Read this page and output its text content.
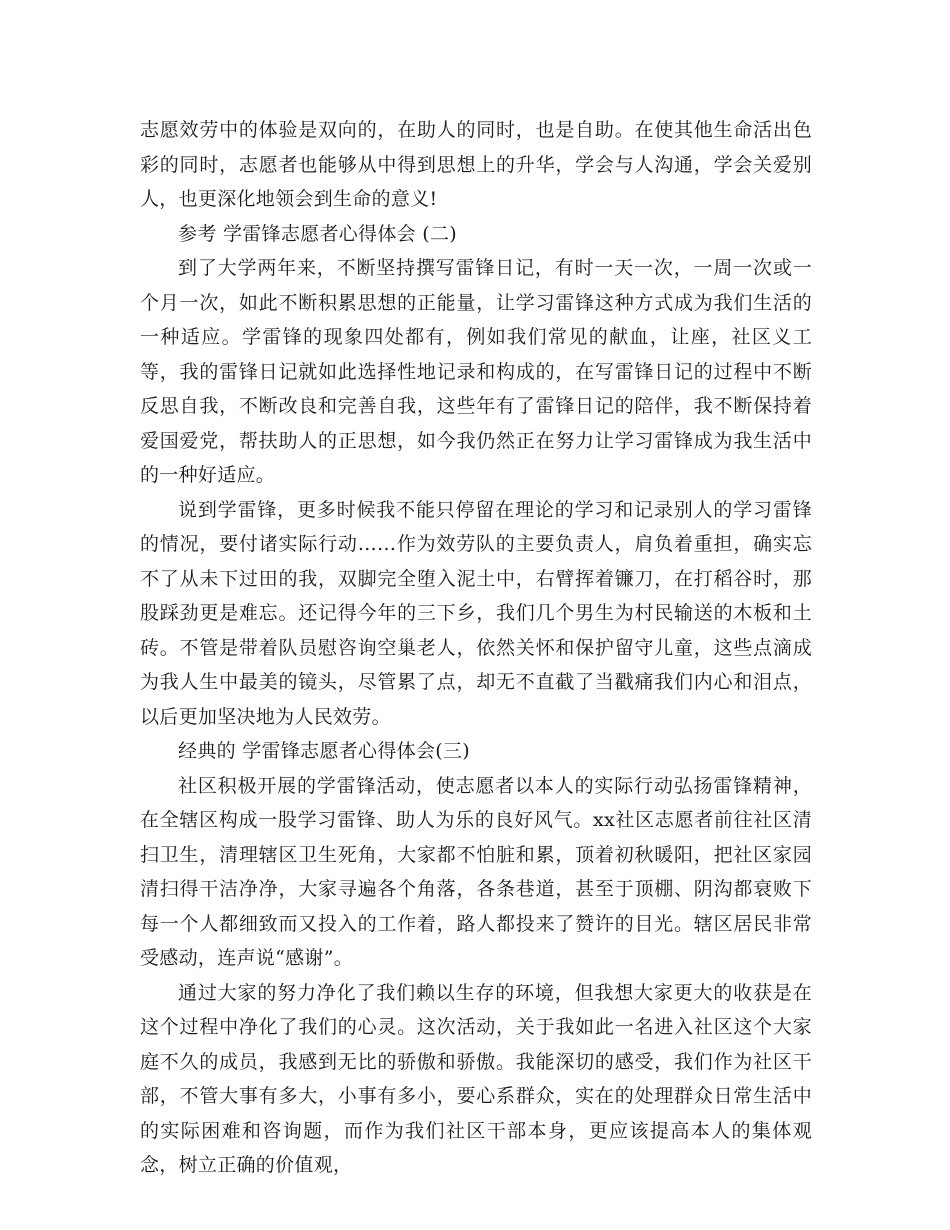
志愿效劳中的体验是双向的，在助人的同时，也是自助。在使其他生命活出色彩的同时，志愿者也能够从中得到思想上的升华，学会与人沟通，学会关爱别人，也更深化地领会到生命的意义!

参考 学雷锋志愿者心得体会 (二)

到了大学两年来，不断坚持撰写雷锋日记，有时一天一次，一周一次或一个月一次，如此不断积累思想的正能量，让学习雷锋这种方式成为我们生活的一种适应。学雷锋的现象四处都有，例如我们常见的献血，让座，社区义工等，我的雷锋日记就如此选择性地记录和构成的，在写雷锋日记的过程中不断反思自我，不断改良和完善自我，这些年有了雷锋日记的陪伴，我不断保持着爱国爱党，帮扶助人的正思想，如今我仍然正在努力让学习雷锋成为我生活中的一种好适应。

说到学雷锋，更多时候我不能只停留在理论的学习和记录别人的学习雷锋的情况，要付诸实际行动……作为效劳队的主要负责人，肩负着重担，确实忘不了从未下过田的我，双脚完全堕入泥土中，右臂挥着镰刀，在打稻谷时，那股踩劲更是难忘。还记得今年的三下乡，我们几个男生为村民输送的木板和土砖。不管是带着队员慰咨询空巢老人，依然关怀和保护留守儿童，这些点滴成为我人生中最美的镜头，尽管累了点，却无不直截了当戳痛我们内心和泪点，以后更加坚决地为人民效劳。

经典的 学雷锋志愿者心得体会(三)

社区积极开展的学雷锋活动，使志愿者以本人的实际行动弘扬雷锋精神，在全辖区构成一股学习雷锋、助人为乐的良好风气。xx社区志愿者前往社区清扫卫生，清理辖区卫生死角，大家都不怕脏和累，顶着初秋暖阳，把社区家园清扫得干洁净净，大家寻遍各个角落，各条巷道，甚至于顶棚、阴沟都衰败下每一个人都细致而又投入的工作着，路人都投来了赞许的目光。辖区居民非常受感动，连声说“感谢”。

通过大家的努力净化了我们赖以生存的环境，但我想大家更大的收获是在这个过程中净化了我们的心灵。这次活动，关于我如此一名进入社区这个大家庭不久的成员，我感到无比的骄傲和骄傲。我能深切的感受，我们作为社区干部，不管大事有多大，小事有多小，要心系群众，实在的处理群众日常生活中的实际困难和咨询题，而作为我们社区干部本身，更应该提高本人的集体观念，树立正确的价值观，
